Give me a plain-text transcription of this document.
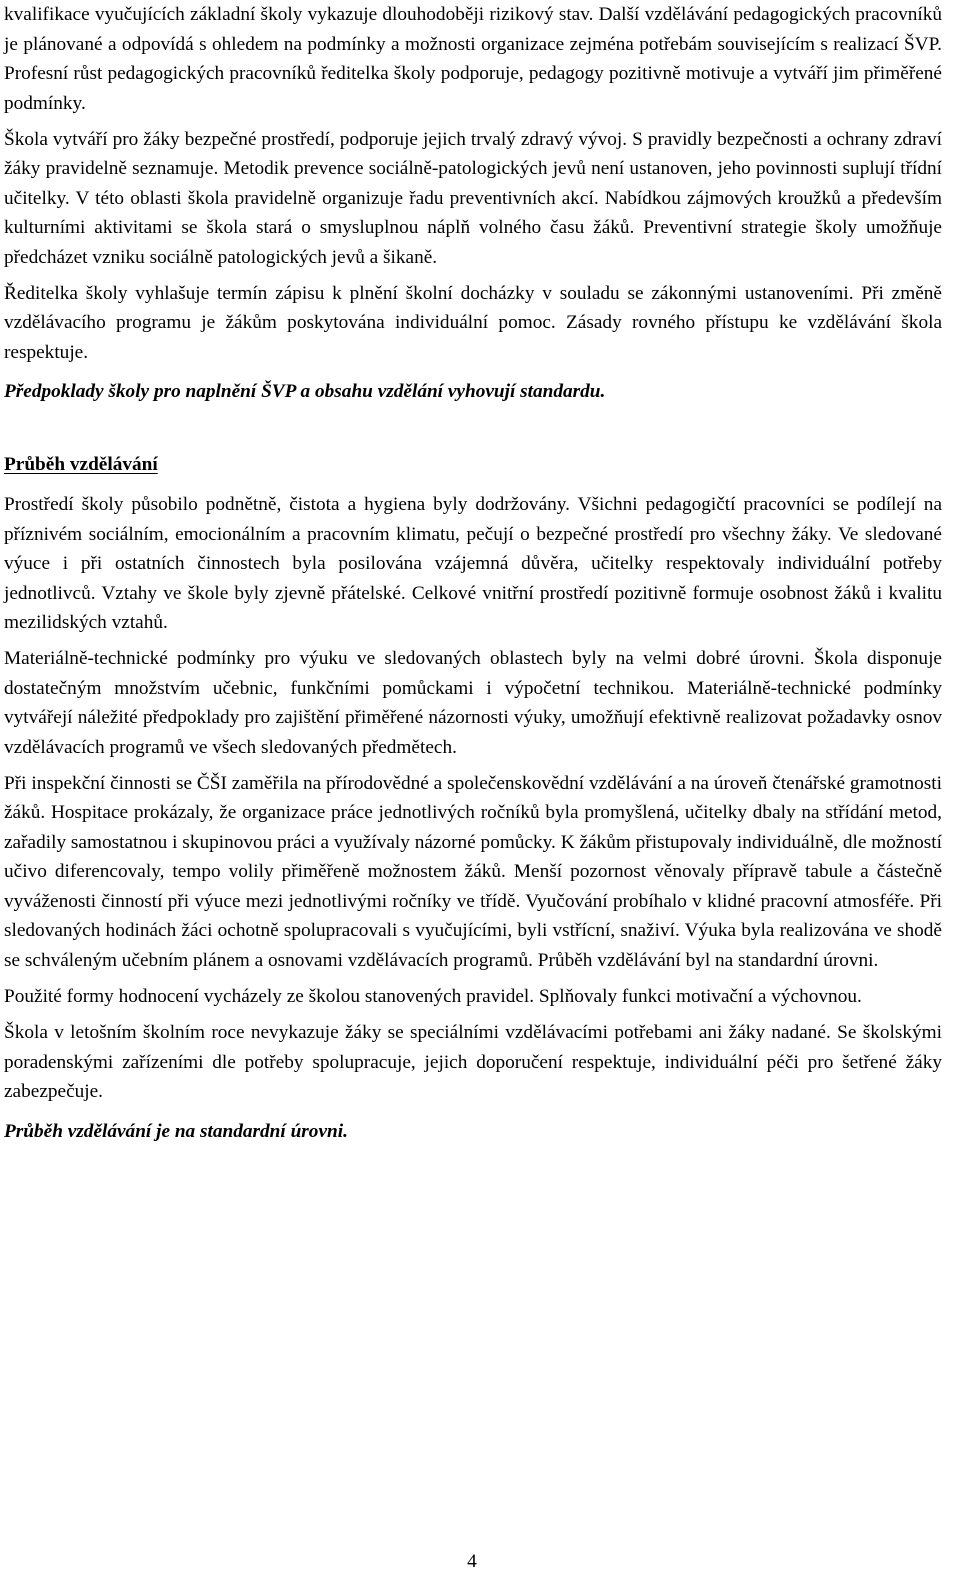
kvalifikace vyučujících základní školy vykazuje dlouhodoběji rizikový stav. Další vzdělávání pedagogických pracovníků je plánované a odpovídá s ohledem na podmínky a možnosti organizace zejména potřebám souvisejícím s realizací ŠVP. Profesní růst pedagogických pracovníků ředitelka školy podporuje, pedagogy pozitivně motivuje a vytváří jim přiměřené podmínky.

Škola vytváří pro žáky bezpečné prostředí, podporuje jejich trvalý zdravý vývoj. S pravidly bezpečnosti a ochrany zdraví žáky pravidelně seznamuje. Metodik prevence sociálně-patologických jevů není ustanoven, jeho povinnosti suplují třídní učitelky. V této oblasti škola pravidelně organizuje řadu preventivních akcí. Nabídkou zájmových kroužků a především kulturními aktivitami se škola stará o smysluplnou náplň volného času žáků. Preventivní strategie školy umožňuje předcházet vzniku sociálně patologických jevů a šikaně.

Ředitelka školy vyhlašuje termín zápisu k plnění školní docházky v souladu se zákonnými ustanoveními. Při změně vzdělávacího programu je žákům poskytována individuální pomoc. Zásady rovného přístupu ke vzdělávání škola respektuje.

Předpoklady školy pro naplnění ŠVP a obsahu vzdělání vyhovují standardu.

Průběh vzdělávání

Prostředí školy působilo podnětně, čistota a hygiena byly dodržovány. Všichni pedagogičtí pracovníci se podílejí na příznivém sociálním, emocionálním a pracovním klimatu, pečují o bezpečné prostředí pro všechny žáky. Ve sledované výuce i při ostatních činnostech byla posilována vzájemná důvěra, učitelky respektovaly individuální potřeby jednotlivců. Vztahy ve škole byly zjevně přátelské. Celkové vnitřní prostředí pozitivně formuje osobnost žáků i kvalitu mezilidských vztahů.

Materiálně-technické podmínky pro výuku ve sledovaných oblastech byly na velmi dobré úrovni. Škola disponuje dostatečným množstvím učebnic, funkčními pomůckami i výpočetní technikou. Materiálně-technické podmínky vytvářejí náležité předpoklady pro zajištění přiměřené názornosti výuky, umožňují efektivně realizovat požadavky osnov vzdělávacích programů ve všech sledovaných předmětech.

Při inspekční činnosti se ČŠI zaměřila na přírodovědné a společenskovědní vzdělávání a na úroveň čtenářské gramotnosti žáků. Hospitace prokázaly, že organizace práce jednotlivých ročníků byla promyšlená, učitelky dbaly na střídání metod, zařadily samostatnou i skupinovou práci a využívaly názorné pomůcky. K žákům přistupovaly individuálně, dle možností učivo diferencovaly, tempo volily přiměřeně možnostem žáků. Menší pozornost věnovaly přípravě tabule a částečně vyváženosti činností při výuce mezi jednotlivými ročníky ve třídě. Vyučování probíhalo v klidné pracovní atmosféře. Při sledovaných hodinách žáci ochotně spolupracovali s vyučujícími, byli vstřícní, snaživí. Výuka byla realizována ve shodě se schváleným učebním plánem a osnovami vzdělávacích programů. Průběh vzdělávání byl na standardní úrovni.

Použité formy hodnocení vycházely ze školou stanovených pravidel. Splňovaly funkci motivační a výchovnou.

Škola v letošním školním roce nevykazuje žáky se speciálními vzdělávacími potřebami ani žáky nadané. Se školskými poradenskými zařízeními dle potřeby spolupracuje, jejich doporučení respektuje, individuální péči pro šetřené žáky zabezpečuje.

Průběh vzdělávání je na standardní úrovni.

4
